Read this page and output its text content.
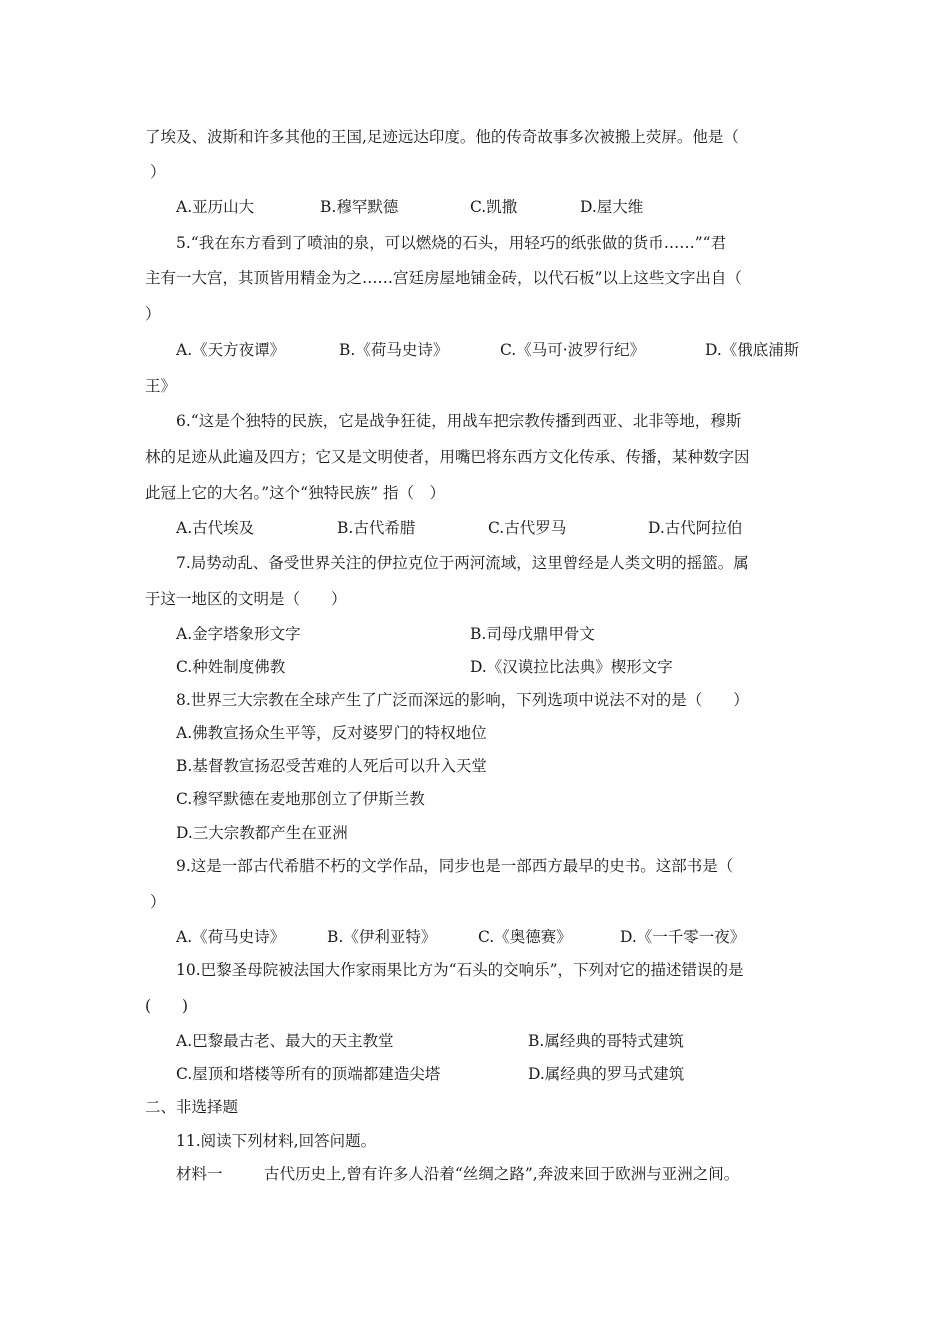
了埃及、波斯和许多其他的王国,足迹远达印度。他的传奇故事多次被搬上荧屏。他是（
）
A.亚历山大	B.穆罕默德	C.凯撒	D.屋大维
5.“我在东方看到了喷油的泉，可以燃烧的石头，用轻巧的纸张做的货币……”“君
主有一大宫，其顶皆用精金为之……宫廷房屋地铺金砖，以代石板”以上这些文字出自（
）
A.《天方夜谭》	B.《荷马史诗》	C.《马可·波罗行纪》	D.《俄底浦斯
王》
6.“这是个独特的民族，它是战争狂徒，用战车把宗教传播到西亚、北非等地，穆斯
林的足迹从此遍及四方；它又是文明使者，用嘴巴将东西方文化传承、传播，某种数字因
此冠上它的大名。”这个“独特民族” 指（　）
A.古代埃及	B.古代希腊	C.古代罗马	D.古代阿拉伯
7.局势动乱、备受世界关注的伊拉克位于两河流域，这里曾经是人类文明的摇篮。属
于这一地区的文明是（　　）
A.金字塔象形文字	B.司母戊鼎甲骨文
C.种姓制度佛教	D.《汉谟拉比法典》楔形文字
8.世界三大宗教在全球产生了广泛而深远的影响，下列选项中说法不对的是（　　）
A.佛教宣扬众生平等，反对婆罗门的特权地位
B.基督教宣扬忍受苦难的人死后可以升入天堂
C.穆罕默德在麦地那创立了伊斯兰教
D.三大宗教都产生在亚洲
9.这是一部古代希腊不朽的文学作品，同步也是一部西方最早的史书。这部书是（
）
A.《荷马史诗》	B.《伊利亚特》	C.《奥德赛》	D.《一千零一夜》
10.巴黎圣母院被法国大作家雨果比方为“石头的交响乐”，下列对它的描述错误的是
(　　)
A.巴黎最古老、最大的天主教堂	B.属经典的哥特式建筑
C.屋顶和塔楼等所有的顶端都建造尖塔	D.属经典的罗马式建筑
二、非选择题
11.阅读下列材料,回答问题。
材料一	古代历史上,曾有许多人沿着“丝绸之路”,奔波来回于欧洲与亚洲之间。
